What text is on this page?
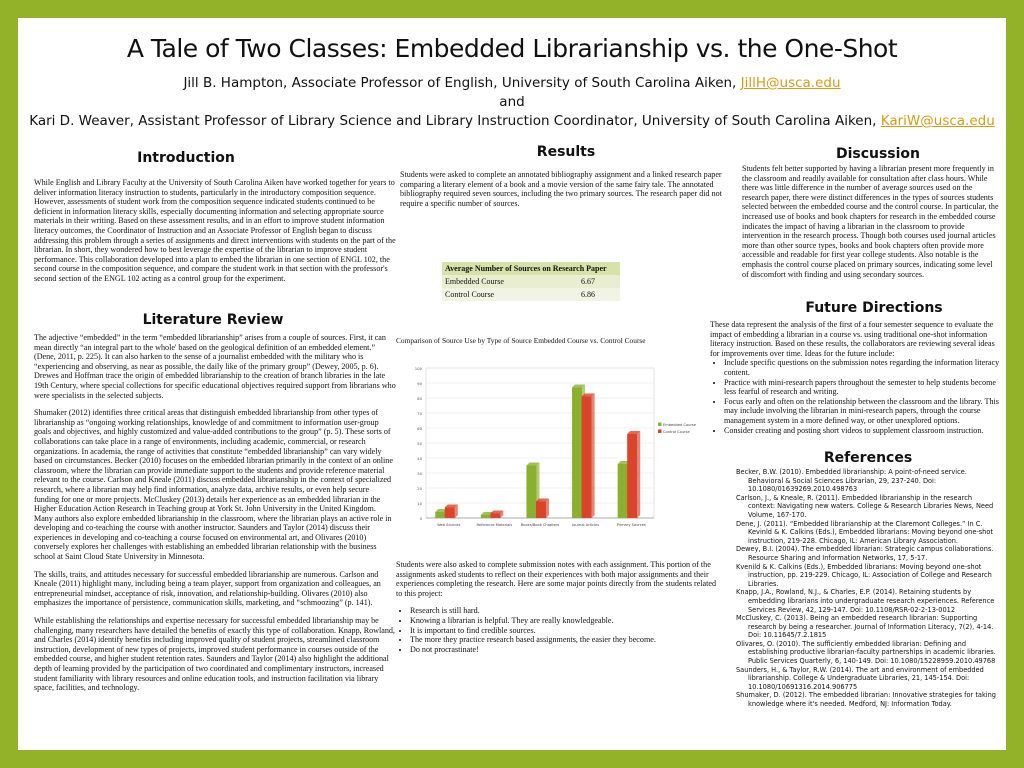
A Tale of Two Classes: Embedded Librarianship vs. the One-Shot
Jill B. Hampton, Associate Professor of English, University of South Carolina Aiken, JillH@usca.edu
and
Kari D. Weaver, Assistant Professor of Library Science and Library Instruction Coordinator, University of South Carolina Aiken, KariW@usca.edu
Introduction

While English and Library Faculty at the University of South Carolina Aiken have worked together for years to deliver information literacy instruction to students, particularly in the introductory composition sequence. However, assessments of student work from the composition sequence indicated students continued to be deficient in information literacy skills, especially documenting information and selecting appropriate source materials in their writing. Based on these assessment results, and in an effort to improve student information literacy outcomes, the Coordinator of Instruction and an Associate Professor of English began to discuss addressing this problem through a series of assignments and direct interventions with students on the part of the librarian. In short, they wondered how to best leverage the expertise of the librarian to improve student performance. This collaboration developed into a plan to embed the librarian in one section of ENGL 102, the second course in the composition sequence, and compare the student work in that section with the professor's second section of the ENGL 102 acting as a control group for the experiment.

Literature Review

The adjective “embedded” in the term “embedded librarianship” arises from a couple of sources. First, it can mean directly “an integral part to the whole' based on the geological definition of an embedded element.” (Dene, 2011, p. 225). It can also harken to the sense of a journalist embedded with the military who is “experiencing and observing, as near as possible, the daily like of the primary group” (Dewey, 2005, p. 6). Drewes and Hoffman trace the origin of embedded librarianship to the creation of branch libraries in the late 19th Century, where special collections for specific educational objectives required support from librarians who were specialists in the selected subjects.

Shumaker (2012) identifies three critical areas that distinguish embedded librarianship from other types of librarianship as “ongoing working relationships, knowledge of and commitment to information user-group goals and objectives, and highly customized and value-added contributions to the group” (p. 5). These sorts of collaborations can take place in a range of environments, including academic, commercial, or research organizations. In academia, the range of activities that constitute “embedded librarianship” can vary widely based on circumstances. Becker (2010) focuses on the embedded librarian primarily in the context of an online classroom, where the librarian can provide immediate support to the students and provide reference material relevant to the course. Carlson and Kneale (2011) discuss embedded librarianship in the context of specialized research, where a librarian may help find information, analyze data, archive results, or even help secure funding for one or more projects. McCluskey (2013) details her experience as an embedded librarian in the Higher Education Action Research in Teaching group at York St. John University in the United Kingdom. Many authors also explore embedded librarianship in the classroom, where the librarian plays an active role in developing and co-teaching the course with another instructor. Saunders and Taylor (2014) discuss their experiences in developing and co-teaching a course focused on environmental art, and Olivares (2010) conversely explores her challenges with establishing an embedded librarian relationship with the business school at Saint Cloud State University in Minnesota.

The skills, traits, and attitudes necessary for successful embedded librarianship are numerous. Carlson and Kneale (2011) highlight many, including being a team player, support from organization and colleagues, an entrepreneurial mindset, acceptance of risk, innovation, and relationship-building. Olivares (2010) also emphasizes the importance of persistence, communication skills, marketing, and “schmoozing” (p. 141).

While establishing the relationships and expertise necessary for successful embedded librarianship may be challenging, many researchers have detailed the benefits of exactly this type of collaboration. Knapp, Rowland, and Charles (2014) identify benefits including improved quality of student projects, streamlined classroom instruction, development of new types of projects, improved student performance in courses outside of the embedded course, and higher student retention rates. Saunders and Taylor (2014) also highlight the additional depth of learning provided by the participation of two coordinated and complimentary instructors, increased student familiarity with library resources and online education tools, and instruction facilitation via library space, facilities, and technology.

Results
Students were asked to complete an annotated bibliography assignment and a linked research paper comparing a literary element of a book and a movie version of the same fairy tale. The annotated bibliography required seven sources, including the two primary sources. The research paper did not require a specific number of sources.
Average Number of Sources on Research Paper	
Embedded Course	6.67
Control Course	6.86
Comparison of Source Use by Type of Source Embedded Course vs. Control Course
0
10
20
30
40
50
60
70
80
90
100
Web Sources	Reference Materials Books/Book Chapters	Journal Articles	Primary Sources
Embedded Course
Control Course

Students were also asked to complete submission notes with each assignment. This portion of the assignments asked students to reflect on their experiences with both major assignments and their experiences completing the research. Here are some major points directly from the students related to this project:

• Research is still hard.
• Knowing a librarian is helpful. They are really knowledgeable.
• It is important to find credible sources.
• The more they practice research based assignments, the easier they become.
• Do not procrastinate!
Discussion
Students felt better supported by having a librarian present more frequently in the classroom and readily available for consultation after class hours. While there was little difference in the number of average sources used on the research paper, there were distinct differences in the types of sources students selected between the embedded course and the control course. In particular, the increased use of books and book chapters for research in the embedded course indicates the impact of having a librarian in the classroom to provide intervention in the research process. Though both courses used journal articles more than other source types, books and book chapters often provide more accessible and readable for first year college students. Also notable is the emphasis the control course placed on primary sources, indicating some level of discomfort with finding and using secondary sources.
Future Directions

These data represent the analysis of the first of a four semester sequence to evaluate the impact of embedding a librarian in a course vs. using traditional one-shot information literacy instruction. Based on these results, the collaborators are reviewing several ideas for improvements over time. Ideas for the future include:

• Include specific questions on the submission notes regarding the information literacy content.
• Practice with mini-research papers throughout the semester to help students become less fearful of research and writing.
• Focus early and often on the relationship between the classroom and the library. This may include involving the librarian in mini-research papers, through the course management system in a more defined way, or other unexplored options.
• Consider creating and posting short videos to supplement classroom instruction.
References

Becker, B.W. (2010). Embedded librarianship: A point-of-need service. Behavioral & Social Sciences Librarian, 29, 237-240. Doi: 10.1080/01639269.2010.498763

Carlson, J., & Kneale, R. (2011). Embedded librarianship in the research context: Navigating new waters. College & Research Libraries News, Need Volume, 167-170.

Dene, J. (2011). “Embedded librarianship at the Claremont Colleges.” In C. Kevinld & K. Calkins (Eds.), Embedded librarians: Moving beyond one-shot instruction, 219-228. Chicago, IL: American Library Association.

Dewey, B.I. (2004). The embedded librarian: Strategic campus collaborations. Resource Sharing and Information Networks, 17, 5-17.

Kvenild & K. Calkins (Eds.), Embedded librarians: Moving beyond one-shot instruction, pp. 219-229. Chicago, IL: Association of College and Research Libraries.

Knapp, J.A., Rowland, N.J., & Charles, E.P. (2014). Retaining students by embedding librarians into undergraduate research experiences. Reference Services Review, 42, 129-147. Doi: 10.1108/RSR-02-2-13-0012

McCluskey, C. (2013). Being an embedded research librarian: Supporting research by being a researcher. Journal of Information Literacy, 7(2), 4-14. Doi: 10.11645/7.2.1815

Olivares, O. (2010). The sufficiently embedded librarian: Defining and establishing productive librarian-faculty partnerships in academic libraries. Public Services Quarterly, 6, 140-149. Doi: 10.1080/15228959.2010.49768

Saunders, H., & Taylor, R.W. (2014). The art and environment of embedded librarianship. College & Undergraduate Libraries, 21, 145-154. Doi: 10.1080/10691316.2014.906775

Shumaker, D. (2012). The embedded librarian: Innovative strategies for taking knowledge where it's needed. Medford, NJ: Information Today.
